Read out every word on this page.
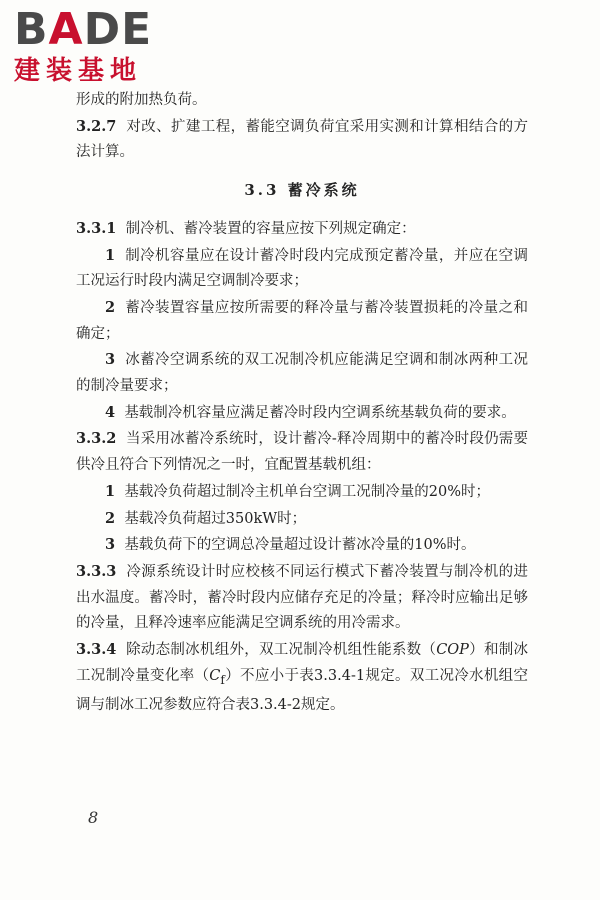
BADE
建装基地

形成的附加热负荷。

3.2.7 对改、扩建工程，蓄能空调负荷宜采用实测和计算相结合的方法计算。

3.3 蓄冷系统

3.3.1 制冷机、蓄冷装置的容量应按下列规定确定：

1 制冷机容量应在设计蓄冷时段内完成预定蓄冷量，并应在空调工况运行时段内满足空调制冷要求；

2 蓄冷装置容量应按所需要的释冷量与蓄冷装置损耗的冷量之和确定；

3 冰蓄冷空调系统的双工况制冷机应能满足空调和制冰两种工况的制冷量要求；

4 基载制冷机容量应满足蓄冷时段内空调系统基载负荷的要求。

3.3.2 当采用冰蓄冷系统时，设计蓄冷-释冷周期中的蓄冷时段仍需要供冷且符合下列情况之一时，宜配置基载机组：

1 基载冷负荷超过制冷主机单台空调工况制冷量的20%时；

2 基载冷负荷超过350kW时；

3 基载负荷下的空调总冷量超过设计蓄冰冷量的10%时。

3.3.3 冷源系统设计时应校核不同运行模式下蓄冷装置与制冷机的进出水温度。蓄冷时，蓄冷时段内应储存充足的冷量；释冷时应输出足够的冷量，且释冷速率应能满足空调系统的用冷需求。

3.3.4 除动态制冰机组外，双工况制冷机组性能系数（COP）和制冰工况制冷量变化率$(C_f)$不应小于表3.3.4-1规定。双工况冷水机组空调与制冰工况参数应符合表3.3.4-2规定。

8
